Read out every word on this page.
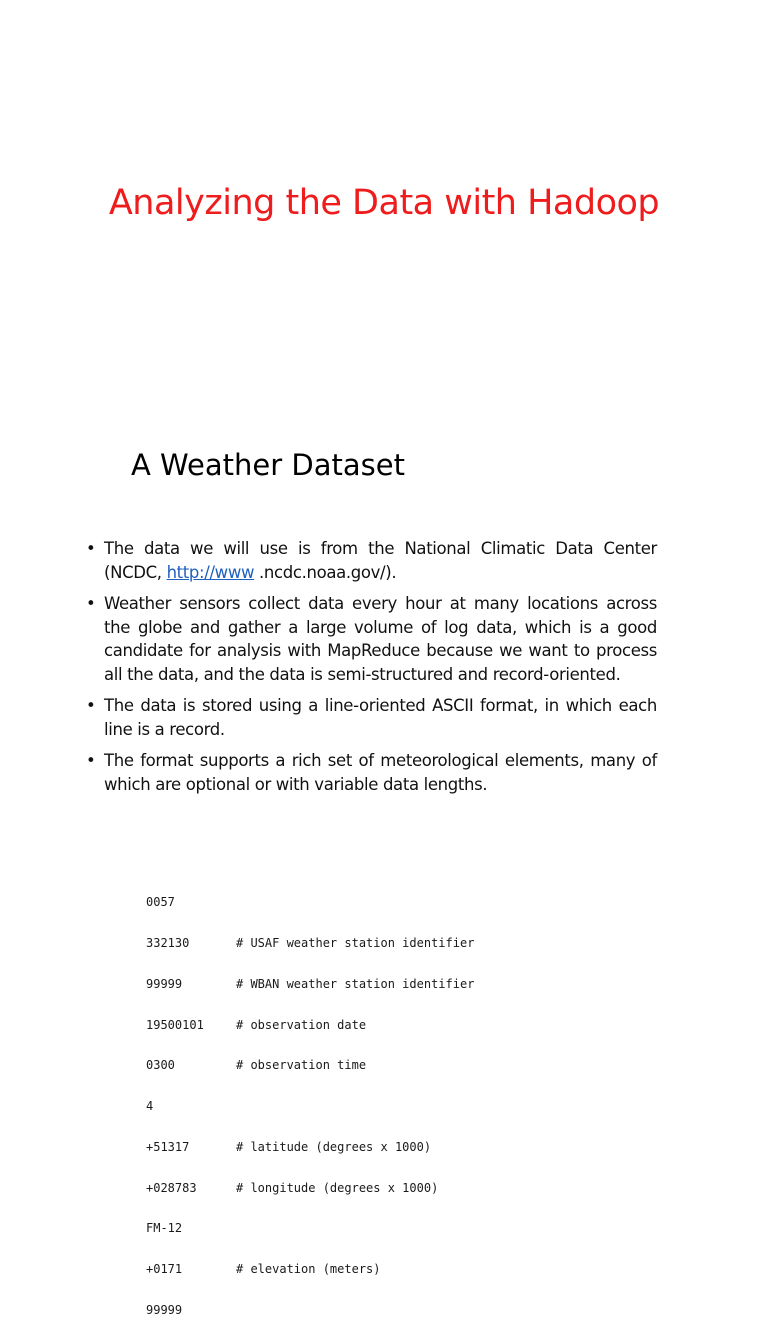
Analyzing the Data with Hadoop
A Weather Dataset
• The data we will use is from the National Climatic Data Center (NCDC, http://www .ncdc.noaa.gov/).
• Weather sensors collect data every hour at many locations across the globe and gather a large volume of log data, which is a good candidate for analysis with MapReduce because we want to process all the data, and the data is semi-structured and record-oriented.
• The data is stored using a line-oriented ASCII format, in which each line is a record.
• The format supports a rich set of meteorological elements, many of which are optional or with variable data lengths.

0057

332130	# USAF weather station identifier

99999	# WBAN weather station identifier

19500101	# observation date

0300	# observation time

4

+51317	# latitude (degrees x 1000)

+028783	# longitude (degrees x 1000)

FM-12

+0171	# elevation (meters)

99999
